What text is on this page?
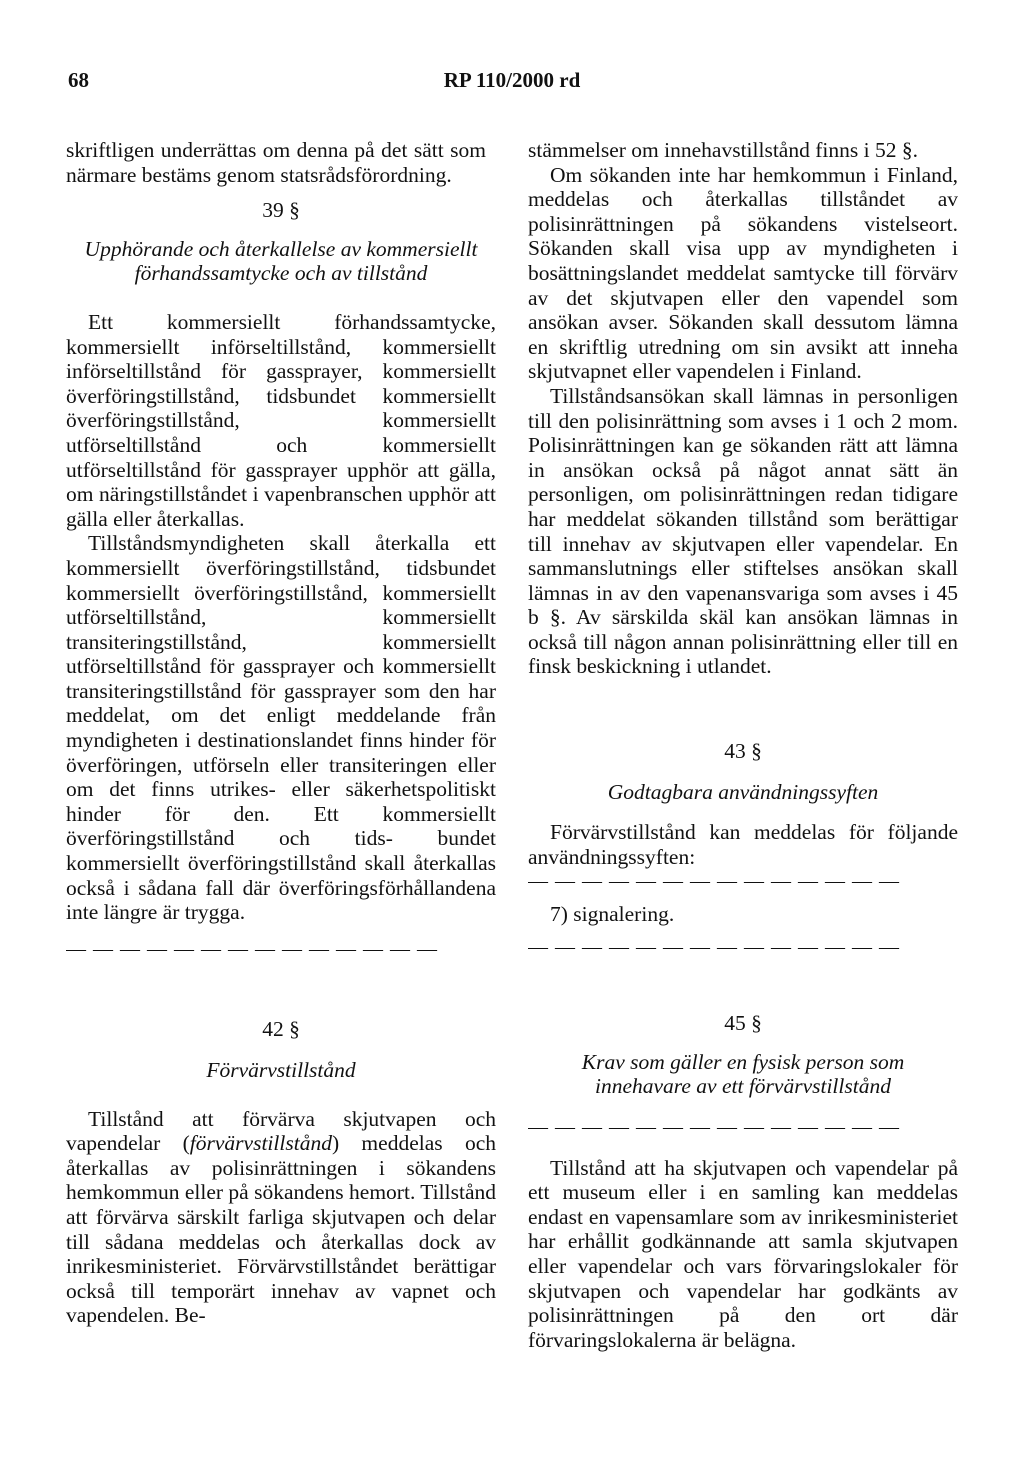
68	RP 110/2000 rd

skriftligen underrättas om denna på det sätt som närmare bestäms genom statsrådsförordning.

39 §

Upphörande och återkallelse av kommersiellt förhandssamtycke och av tillstånd

Ett kommersiellt förhandssamtycke, kommersiellt införseltillstånd, kommersiellt införseltillstånd för gassprayer, kommersiellt överföringstillstånd, tidsbundet kommersiellt överföringstillstånd, kommersiellt utförseltillstånd och kommersiellt utförseltillstånd för gassprayer upphör att gälla, om näringstillståndet i vapenbranschen upphör att gälla eller återkallas.

Tillståndsmyndigheten skall återkalla ett kommersiellt överföringstillstånd, tidsbundet kommersiellt överföringstillstånd, kommersiellt utförseltillstånd, kommersiellt transiteringstillstånd, kommersiellt utförseltillstånd för gassprayer och kommersiellt transiteringstillstånd för gassprayer som den har meddelat, om det enligt meddelande från myndigheten i destinationslandet finns hinder för överföringen, utförseln eller transiteringen eller om det finns utrikes- eller säkerhetspolitiskt hinder för den. Ett kommersiellt överföringstillstånd och tids- bundet kommersiellt överföringstillstånd skall återkallas också i sådana fall där överföringsförhållandena inte längre är trygga.

— — — — — — — — — — — — — —

42 §

Förvärvstillstånd

Tillstånd att förvärva skjutvapen och vapendelar (förvärvstillstånd) meddelas och återkallas av polisinrättningen i sökandens hemkommun eller på sökandens hemort. Tillstånd att förvärva särskilt farliga skjutvapen och delar till sådana meddelas och återkallas dock av inrikesministeriet. Förvärvstillståndet berättigar också till temporärt innehav av vapnet och vapendelen. Be-

stämmelser om innehavstillstånd finns i 52 §.

Om sökanden inte har hemkommun i Finland, meddelas och återkallas tillståndet av polisinrättningen på sökandens vistelseort. Sökanden skall visa upp av myndigheten i bosättningslandet meddelat samtycke till förvärv av det skjutvapen eller den vapendel som ansökan avser. Sökanden skall dessutom lämna en skriftlig utredning om sin avsikt att inneha skjutvapnet eller vapendelen i Finland.

Tillståndsansökan skall lämnas in personligen till den polisinrättning som avses i 1 och 2 mom. Polisinrättningen kan ge sökanden rätt att lämna in ansökan också på något annat sätt än personligen, om polisinrättningen redan tidigare har meddelat sökanden tillstånd som berättigar till innehav av skjutvapen eller vapendelar. En sammanslutnings eller stiftelses ansökan skall lämnas in av den vapenansvariga som avses i 45 b §. Av särskilda skäl kan ansökan lämnas in också till någon annan polisinrättning eller till en finsk beskickning i utlandet.

43 §

Godtagbara användningssyften

Förvärvstillstånd kan meddelas för följande användningssyften:

— — — — — — — — — — — — — —

7) signalering.

— — — — — — — — — — — — — —

45 §

Krav som gäller en fysisk person som innehavare av ett förvärvstillstånd

— — — — — — — — — — — — — —

Tillstånd att ha skjutvapen och vapendelar på ett museum eller i en samling kan meddelas endast en vapensamlare som av inrikesministeriet har erhållit godkännande att samla skjutvapen eller vapendelar och vars förvaringslokaler för skjutvapen och vapendelar har godkänts av polisinrättningen på den ort där förvaringslokalerna är belägna.
